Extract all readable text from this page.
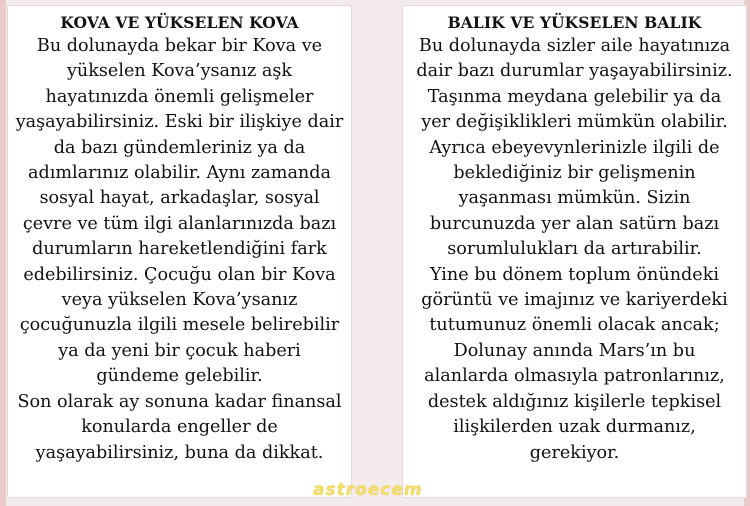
KOVA VE YÜKSELEN KOVA
Bu dolunayda bekar bir Kova ve
yükselen Kova’ysanız aşk
hayatınızda önemli gelişmeler
yaşayabilirsiniz. Eski bir ilişkiye dair
da bazı gündemleriniz ya da
adımlarınız olabilir. Aynı zamanda
sosyal hayat, arkadaşlar, sosyal
çevre ve tüm ilgi alanlarınızda bazı
durumların hareketlendiğini fark
edebilirsiniz. Çocuğu olan bir Kova
veya yükselen Kova’ysanız
çocuğunuzla ilgili mesele belirebilir
ya da yeni bir çocuk haberi
gündeme gelebilir.
Son olarak ay sonuna kadar finansal
konularda engeller de
yaşayabilirsiniz, buna da dikkat.
BALIK VE YÜKSELEN BALIK
Bu dolunayda sizler aile hayatınıza
dair bazı durumlar yaşayabilirsiniz.
Taşınma meydana gelebilir ya da
yer değişiklikleri mümkün olabilir.
Ayrıca ebeyevynlerinizle ilgili de
beklediğiniz bir gelişmenin
yaşanması mümkün. Sizin
burcunuzda yer alan satürn bazı
sorumlulukları da artırabilir.
Yine bu dönem toplum önündeki
görüntü ve imajınız ve kariyerdeki
tutumunuz önemli olacak ancak;
Dolunay anında Mars’ın bu
alanlarda olmasıyla patronlarınız,
destek aldığınız kişilerle tepkisel
ilişkilerden uzak durmanız,
gerekiyor.
astroecem
